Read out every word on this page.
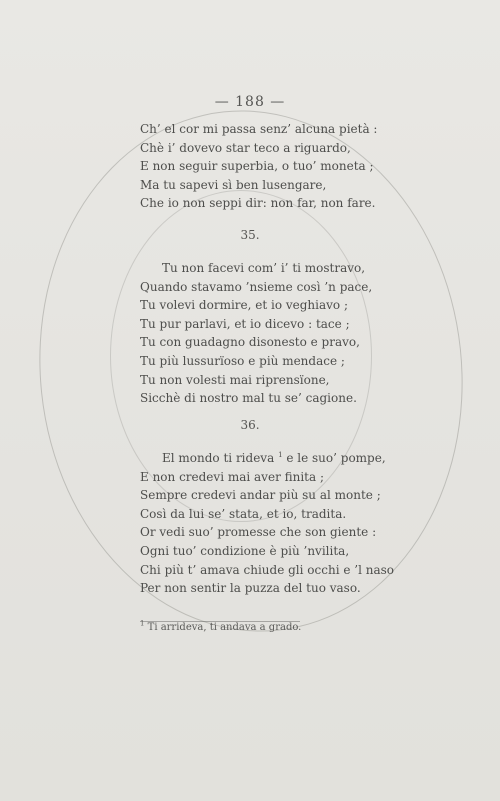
— 188 —
Ch’ el cor mi passa senz’ alcuna pietà :
Chè i’ dovevo star teco a riguardo,
E non seguir superbia, o tuo’ moneta ;
Ma tu sapevi sì ben lusengare,
Che io non seppi dir: non far, non fare.
35.
Tu non facevi com’ i’ ti mostravo,
Quando stavamo ’nsieme così ’n pace,
Tu volevi dormire, et io veghiavo ;
Tu pur parlavi, et io dicevo : tace ;
Tu con guadagno disonesto e pravo,
Tu più lussurïoso e più mendace ;
Tu non volesti mai riprensïone,
Sicchè di nostro mal tu se’ cagione.
36.
El mondo ti rideva $^1$ e le suo’ pompe,
E non credevi mai aver finita ;
Sempre credevi andar più su al monte ;
Così da lui se’ stata, et io, tradita.
Or vedi suo’ promesse che son giente :
Ogni tuo’ condizione è più ’nvilita,
Chi più t’ amava chiude gli occhi e ’l naso
Per non sentir la puzza del tuo vaso.
$^1$ Ti arrideva, ti andava a grado.
